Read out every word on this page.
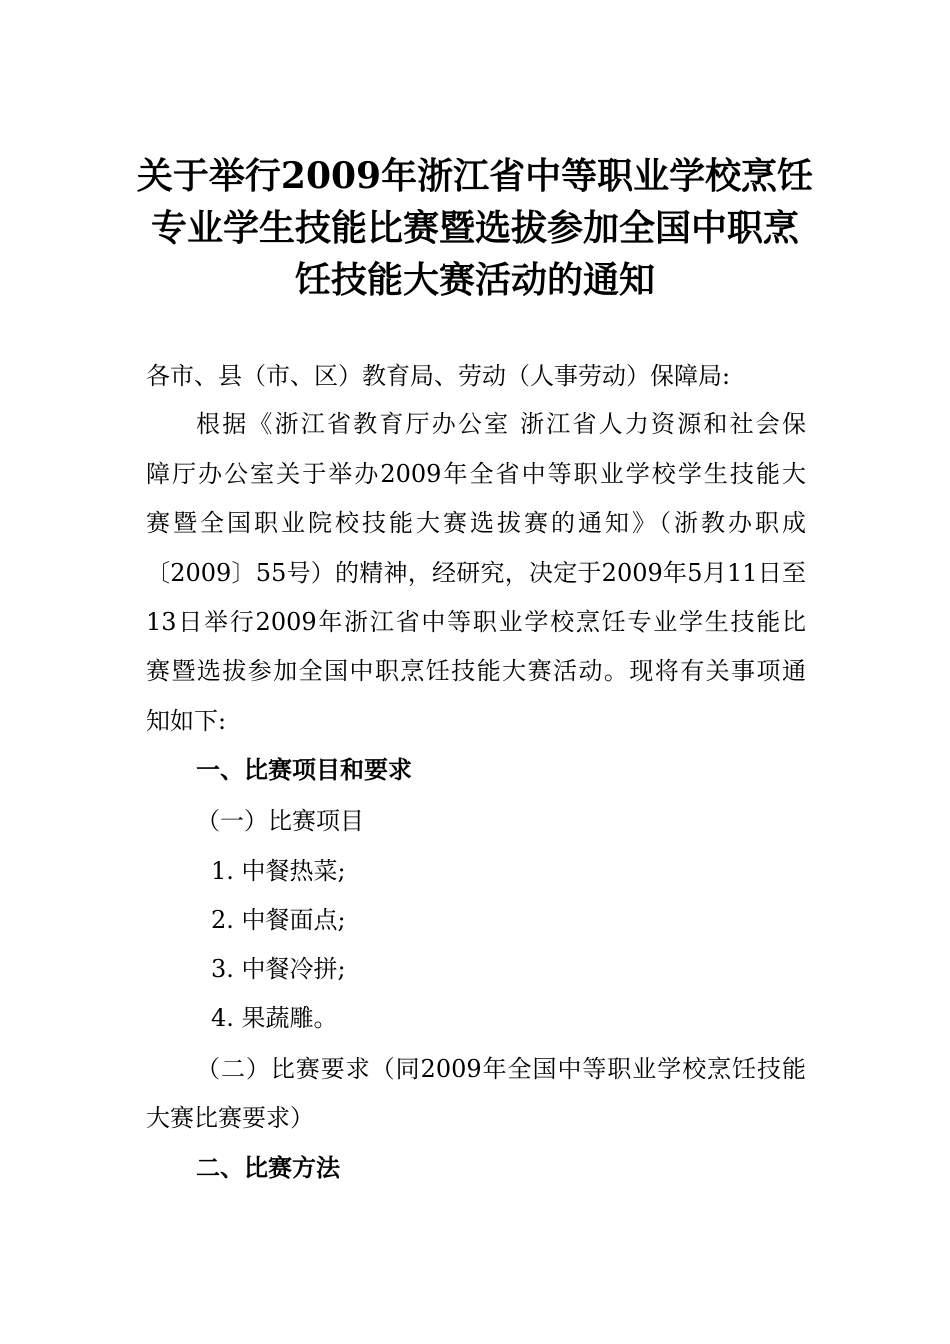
关于举行2009年浙江省中等职业学校烹饪
专业学生技能比赛暨选拔参加全国中职烹
饪技能大赛活动的通知
各市、县（市、区）教育局、劳动（人事劳动）保障局:
根据《浙江省教育厅办公室 浙江省人力资源和社会保
障厅办公室关于举办2009年全省中等职业学校学生技能大
赛暨全国职业院校技能大赛选拔赛的通知》（浙教办职成
〔2009〕55号）的精神，经研究，决定于2009年5月11日至
13日举行2009年浙江省中等职业学校烹饪专业学生技能比
赛暨选拔参加全国中职烹饪技能大赛活动。现将有关事项通
知如下:
一、比赛项目和要求
（一）比赛项目
1. 中餐热菜;
2. 中餐面点;
3. 中餐冷拼;
4. 果蔬雕。
（二）比赛要求（同2009年全国中等职业学校烹饪技能
大赛比赛要求）
二、比赛方法
